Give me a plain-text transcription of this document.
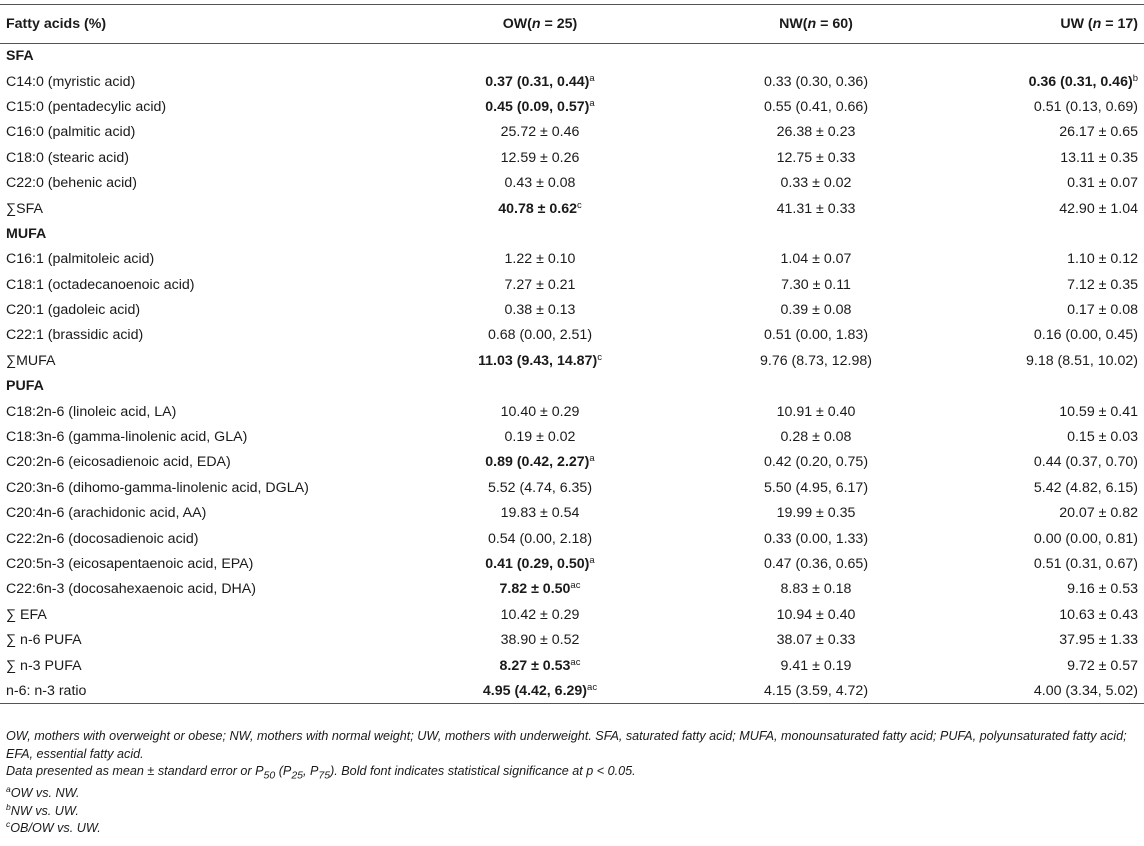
Fatty acids (%)	OW(n = 25)	NW(n = 60)	UW (n = 17)
SFA			
C14:0 (myristic acid)	0.37 (0.31, 0.44)$^a$	0.33 (0.30, 0.36)	0.36 (0.31, 0.46)$^b$
C15:0 (pentadecylic acid)	0.45 (0.09, 0.57)$^a$	0.55 (0.41, 0.66)	0.51 (0.13, 0.69)
C16:0 (palmitic acid)	25.72 ± 0.46	26.38 ± 0.23	26.17 ± 0.65
C18:0 (stearic acid)	12.59 ± 0.26	12.75 ± 0.33	13.11 ± 0.35
C22:0 (behenic acid)	0.43 ± 0.08	0.33 ± 0.02	0.31 ± 0.07
∑SFA	40.78 ± 0.62$^c$	41.31 ± 0.33	42.90 ± 1.04
MUFA			
C16:1 (palmitoleic acid)	1.22 ± 0.10	1.04 ± 0.07	1.10 ± 0.12
C18:1 (octadecanoenoic acid)	7.27 ± 0.21	7.30 ± 0.11	7.12 ± 0.35
C20:1 (gadoleic acid)	0.38 ± 0.13	0.39 ± 0.08	0.17 ± 0.08
C22:1 (brassidic acid)	0.68 (0.00, 2.51)	0.51 (0.00, 1.83)	0.16 (0.00, 0.45)
∑MUFA	11.03 (9.43, 14.87)$^c$	9.76 (8.73, 12.98)	9.18 (8.51, 10.02)
PUFA			
C18:2n-6 (linoleic acid, LA)	10.40 ± 0.29	10.91 ± 0.40	10.59 ± 0.41
C18:3n-6 (gamma-linolenic acid, GLA)	0.19 ± 0.02	0.28 ± 0.08	0.15 ± 0.03
C20:2n-6 (eicosadienoic acid, EDA)	0.89 (0.42, 2.27)$^a$	0.42 (0.20, 0.75)	0.44 (0.37, 0.70)
C20:3n-6 (dihomo-gamma-linolenic acid, DGLA)	5.52 (4.74, 6.35)	5.50 (4.95, 6.17)	5.42 (4.82, 6.15)
C20:4n-6 (arachidonic acid, AA)	19.83 ± 0.54	19.99 ± 0.35	20.07 ± 0.82
C22:2n-6 (docosadienoic acid)	0.54 (0.00, 2.18)	0.33 (0.00, 1.33)	0.00 (0.00, 0.81)
C20:5n-3 (eicosapentaenoic acid, EPA)	0.41 (0.29, 0.50)$^a$	0.47 (0.36, 0.65)	0.51 (0.31, 0.67)
C22:6n-3 (docosahexaenoic acid, DHA)	7.82 ± 0.50$^{ac}$	8.83 ± 0.18	9.16 ± 0.53
∑ EFA	10.42 ± 0.29	10.94 ± 0.40	10.63 ± 0.43
∑ n-6 PUFA	38.90 ± 0.52	38.07 ± 0.33	37.95 ± 1.33
∑ n-3 PUFA	8.27 ± 0.53$^{ac}$	9.41 ± 0.19	9.72 ± 0.57
n-6: n-3 ratio	4.95 (4.42, 6.29)$^{ac}$	4.15 (3.59, 4.72)	4.00 (3.34, 5.02)

OW, mothers with overweight or obese; NW, mothers with normal weight; UW, mothers with underweight. SFA, saturated fatty acid; MUFA, monounsaturated fatty acid; PUFA, polyunsaturated fatty acid; EFA, essential fatty acid.

Data presented as mean ± standard error or $P_{50}$ ($P_{25}$, $P_{75}$). Bold font indicates statistical significance at p < 0.05.

$^a$OW vs. NW.

$^b$NW vs. UW.

$^c$OB/OW vs. UW.
